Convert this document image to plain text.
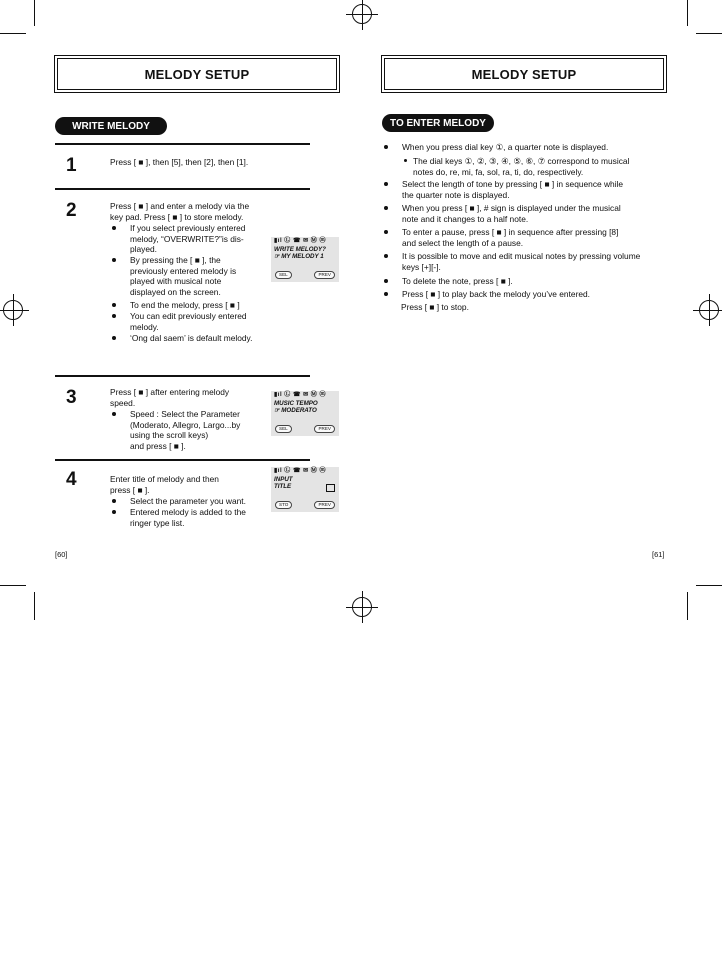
MELODY SETUP
WRITE MELODY
1	Press [ ■ ], then [5], then [2], then [1].
2	Press [ ■ ] and enter a melody via the
key pad. Press [ ■ ] to store melody.
If you select previously entered
melody, “OVERWRITE?”is dis-
played.
By pressing the [ ■ ], the
previously entered melody is
played with musical note
displayed on the screen.
To end the melody, press [ ■ ]
You can edit previously entered
melody.
‘Ong dal saem’ is default melody.
▮ıl Ⓛ ☎ ✉ Ⓜ ⓜ
WRITE MELODY?
☞ MY MELODY 1
SEL	PREV
3	Press [ ■ ] after entering melody
speed.
Speed : Select the Parameter
(Moderato, Allegro, Largo...by
using the scroll keys)
and press [ ■ ].
▮ıl Ⓛ ☎ ✉ Ⓜ ⓜ
MUSIC TEMPO
☞ MODERATO
SEL	PREV
4	Enter title of melody and then
press [ ■ ].
Select the parameter you want.
Entered melody is added to the
ringer type list.
▮ıl Ⓛ ☎ ✉ Ⓜ ⓜ
INPUT
TITLE
STO	PREV
[60]
MELODY SETUP
TO ENTER MELODY
When you press dial key ①, a quarter note is displayed.
The dial keys ①, ②, ③, ④, ⑤, ⑥, ⑦ correspond to musical
notes do, re, mi, fa, sol, ra, ti, do, respectively.
Select the length of tone by pressing [ ■ ] in sequence while
the quarter note is displayed.
When you press [ ■ ], # sign is displayed under the musical
note and it changes to a half note.
To enter a pause, press [ ■ ] in sequence after pressing [8]
and select the length of a pause.
It is possible to move and edit musical notes by pressing volume
keys [+][-].
To delete the note, press [ ■ ].
Press [ ■ ] to play back the melody you’ve entered.
Press [ ■ ] to stop.
[61]
